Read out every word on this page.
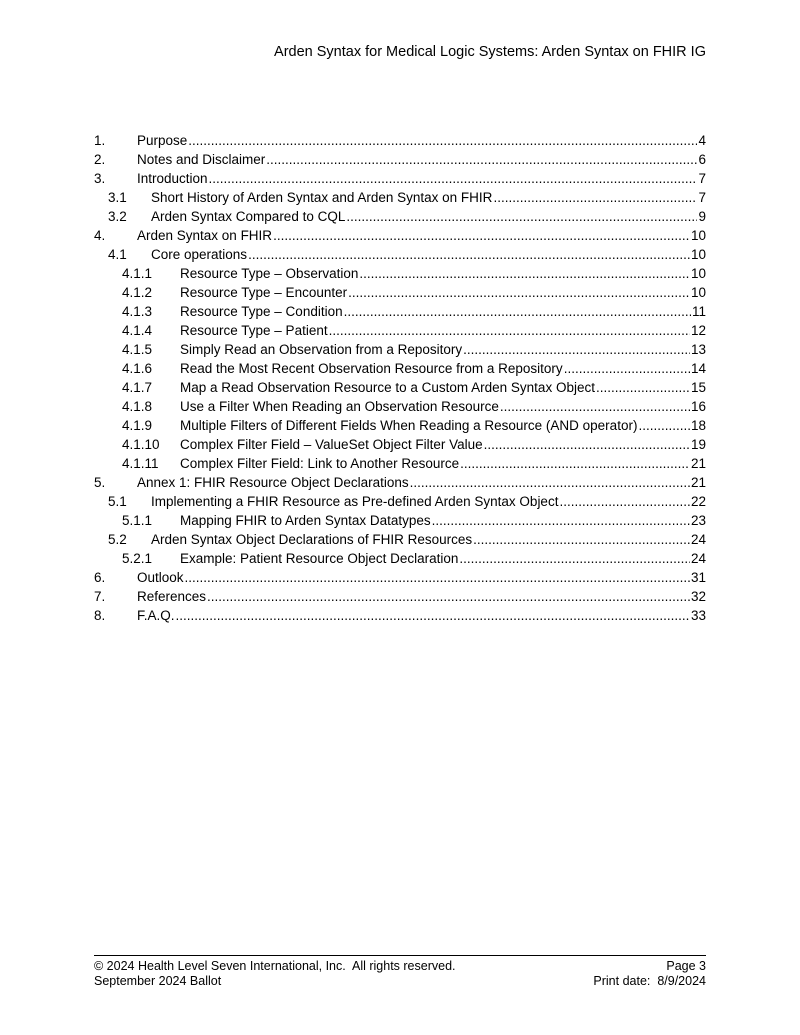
Arden Syntax for Medical Logic Systems: Arden Syntax on FHIR IG
1.	Purpose .....	4
2.	Notes and Disclaimer .....	6
3.	Introduction .....	7
3.1	Short History of Arden Syntax and Arden Syntax on FHIR .....	7
3.2	Arden Syntax Compared to CQL .....	9
4.	Arden Syntax on FHIR .....	10
4.1	Core operations .....	10
4.1.1	Resource Type – Observation .....	10
4.1.2	Resource Type – Encounter .....	10
4.1.3	Resource Type – Condition .....	11
4.1.4	Resource Type – Patient .....	12
4.1.5	Simply Read an Observation from a Repository .....	13
4.1.6	Read the Most Recent Observation Resource from a Repository .....	14
4.1.7	Map a Read Observation Resource to a Custom Arden Syntax Object .....	15
4.1.8	Use a Filter When Reading an Observation Resource .....	16
4.1.9	Multiple Filters of Different Fields When Reading a Resource (AND operator) .....	18
4.1.10	Complex Filter Field – ValueSet Object Filter Value .....	19
4.1.11	Complex Filter Field: Link to Another Resource .....	21
5.	Annex 1: FHIR Resource Object Declarations .....	21
5.1	Implementing a FHIR Resource as Pre-defined Arden Syntax Object .....	22
5.1.1	Mapping FHIR to Arden Syntax Datatypes .....	23
5.2	Arden Syntax Object Declarations of FHIR Resources .....	24
5.2.1	Example: Patient Resource Object Declaration .....	24
6.	Outlook .....	31
7.	References .....	32
8.	F.A.Q. .....	33
© 2024 Health Level Seven International, Inc.  All rights reserved.	Page 3
September 2024 Ballot	Print date:  8/9/2024
